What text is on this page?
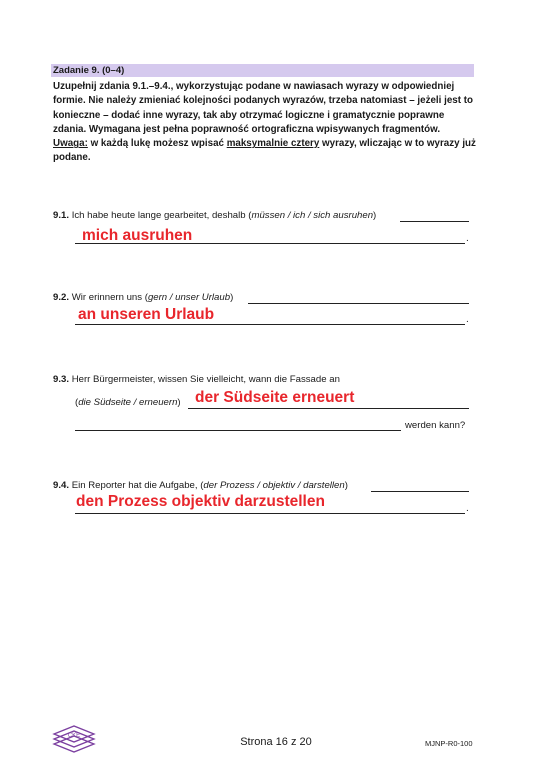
Zadanie 9. (0–4)
Uzupełnij zdania 9.1.–9.4., wykorzystując podane w nawiasach wyrazy w odpowiedniej formie. Nie należy zmieniać kolejności podanych wyrazów, trzeba natomiast – jeżeli jest to konieczne – dodać inne wyrazy, tak aby otrzymać logiczne i gramatycznie poprawne zdania. Wymagana jest pełna poprawność ortograficzna wpisywanych fragmentów.
Uwaga: w każdą lukę możesz wpisać maksymalnie cztery wyrazy, wliczając w to wyrazy już podane.
9.1. Ich habe heute lange gearbeitet, deshalb (müssen / ich / sich ausruhen)
mich ausruhen	.
9.2. Wir erinnern uns (gern / unser Urlaub)
an unseren Urlaub	.
9.3. Herr Bürgermeister, wissen Sie vielleicht, wann die Fassade an
(die Südseite / erneuern) der Südseite erneuert
werden kann?
9.4. Ein Reporter hat die Aufgabe, (der Prozess / objektiv / darstellen)
den Prozess objektiv darzustellen	.
CKE	Strona 16 z 20	MJNP-R0-100
